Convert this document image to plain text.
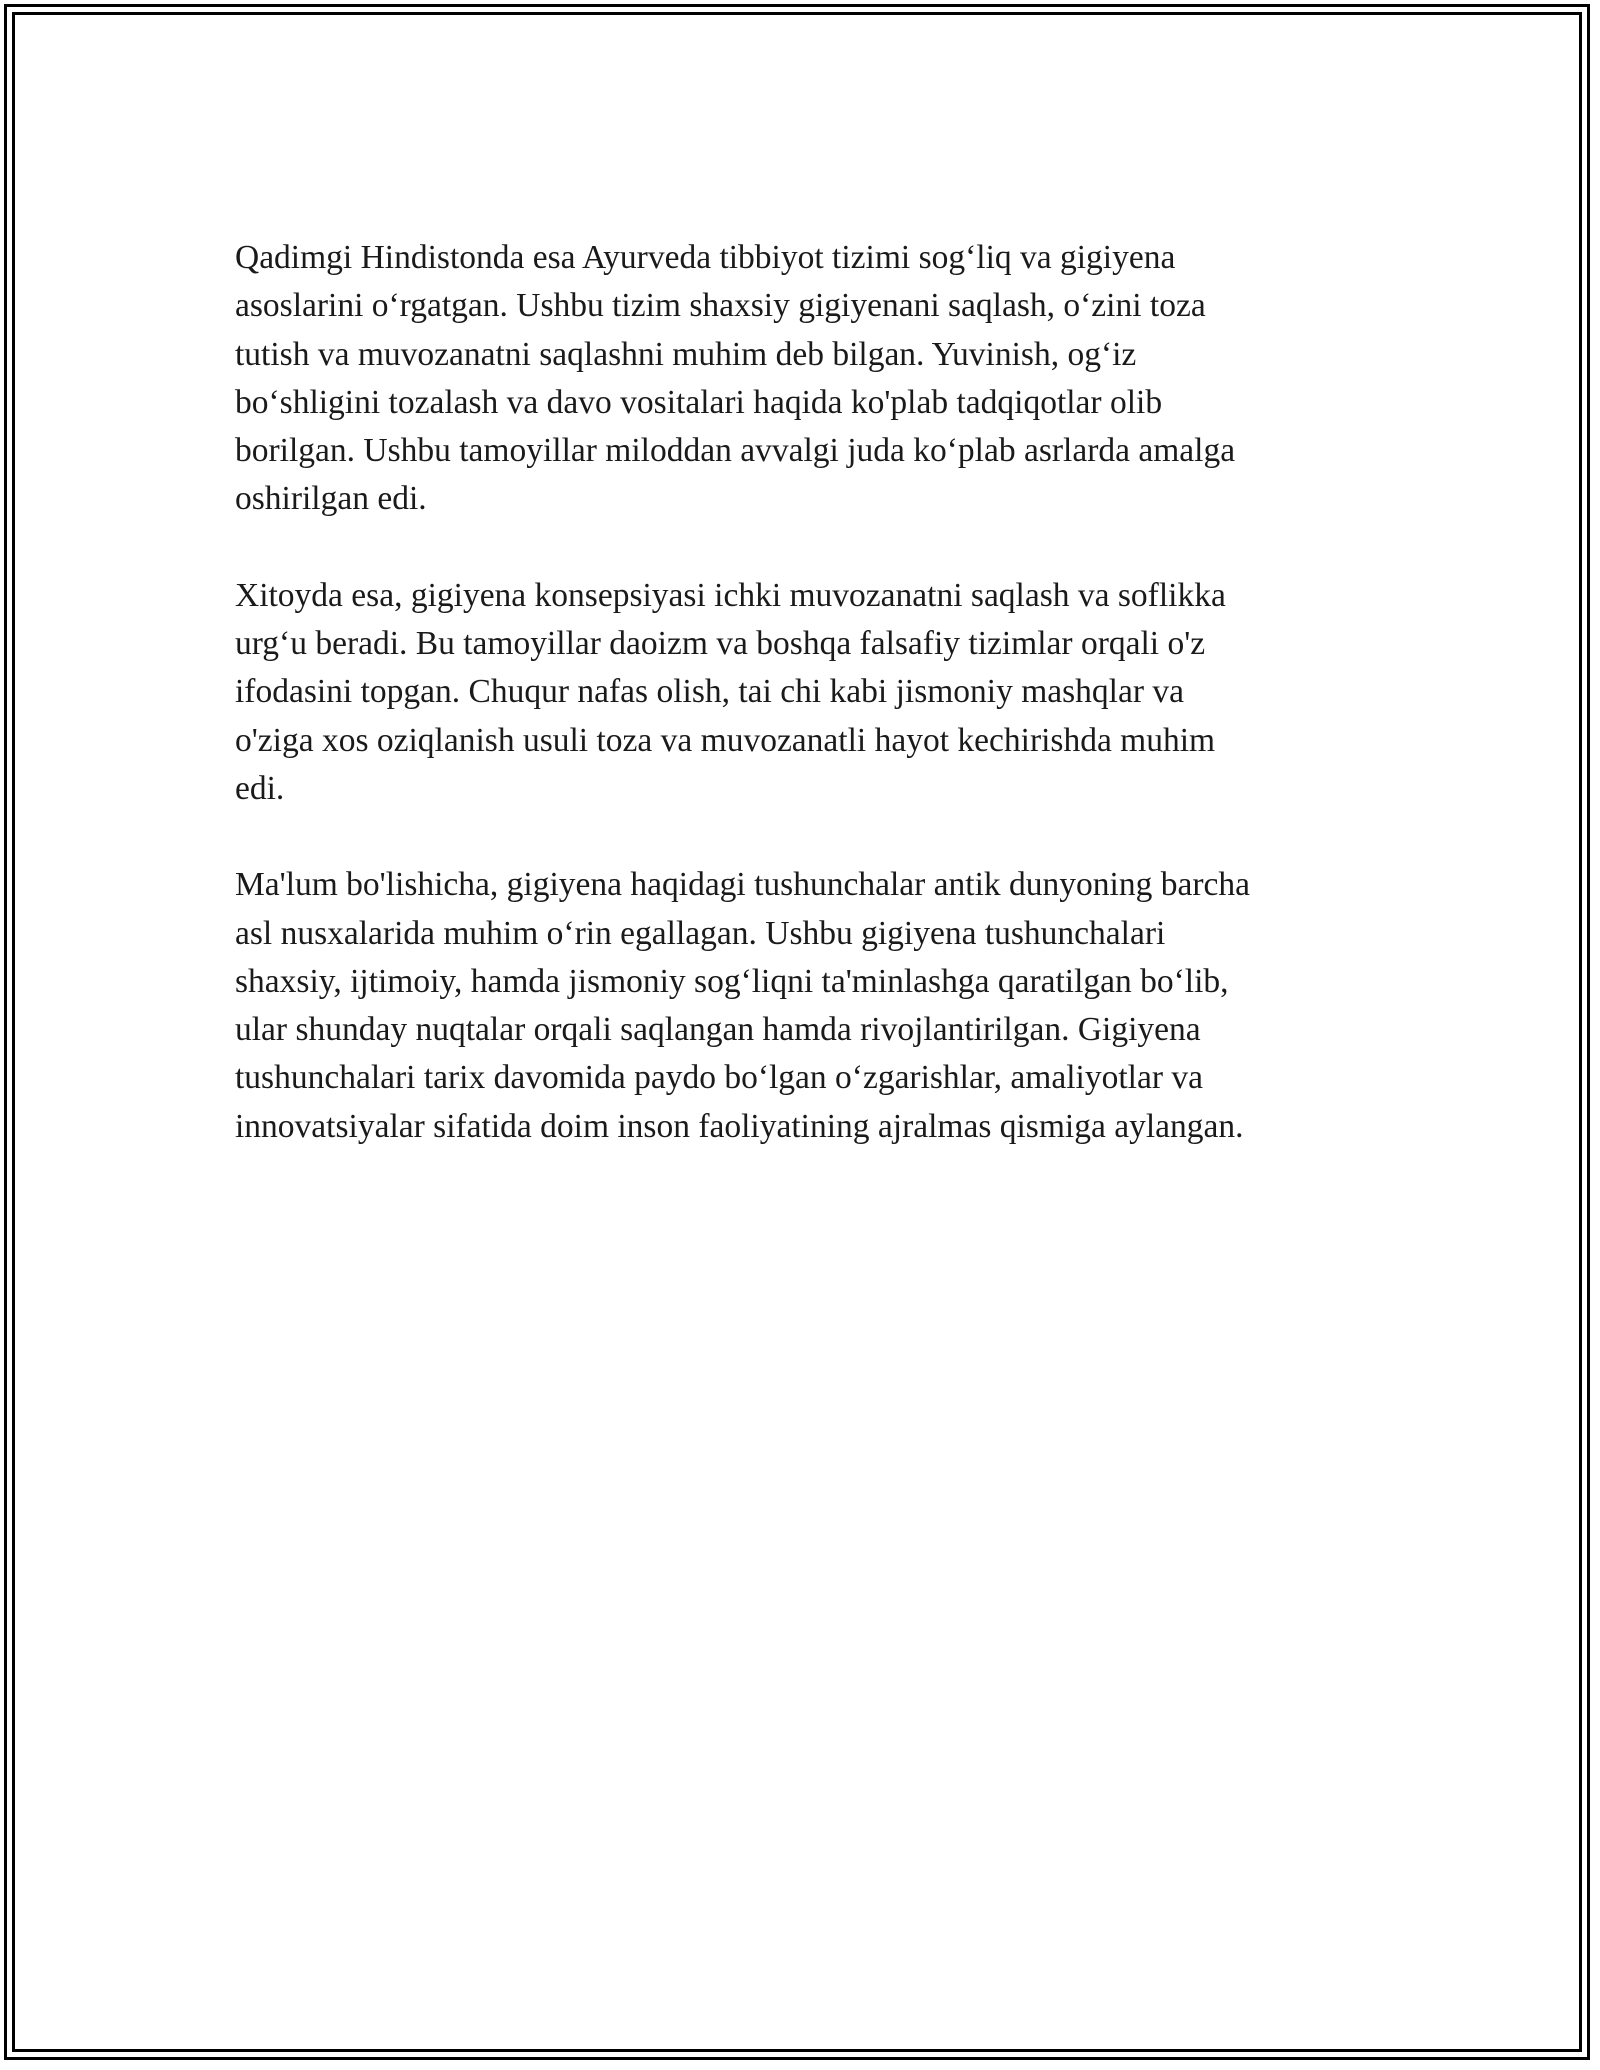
Qadimgi Hindistonda esa Ayurveda tibbiyot tizimi sog‘liq va gigiyena
asoslarini o‘rgatgan. Ushbu tizim shaxsiy gigiyenani saqlash, o‘zini toza
tutish va muvozanatni saqlashni muhim deb bilgan. Yuvinish, og‘iz
bo‘shligini tozalash va davo vositalari haqida ko'plab tadqiqotlar olib
borilgan. Ushbu tamoyillar miloddan avvalgi juda ko‘plab asrlarda amalga
oshirilgan edi.

Xitoyda esa, gigiyena konsepsiyasi ichki muvozanatni saqlash va soflikka
urg‘u beradi. Bu tamoyillar daoizm va boshqa falsafiy tizimlar orqali o'z
ifodasini topgan. Chuqur nafas olish, tai chi kabi jismoniy mashqlar va
o'ziga xos oziqlanish usuli toza va muvozanatli hayot kechirishda muhim
edi.

Ma'lum bo'lishicha, gigiyena haqidagi tushunchalar antik dunyoning barcha
asl nusxalarida muhim o‘rin egallagan. Ushbu gigiyena tushunchalari
shaxsiy, ijtimoiy, hamda jismoniy sog‘liqni ta'minlashga qaratilgan bo‘lib,
ular shunday nuqtalar orqali saqlangan hamda rivojlantirilgan. Gigiyena
tushunchalari tarix davomida paydo bo‘lgan o‘zgarishlar, amaliyotlar va
innovatsiyalar sifatida doim inson faoliyatining ajralmas qismiga aylangan.
